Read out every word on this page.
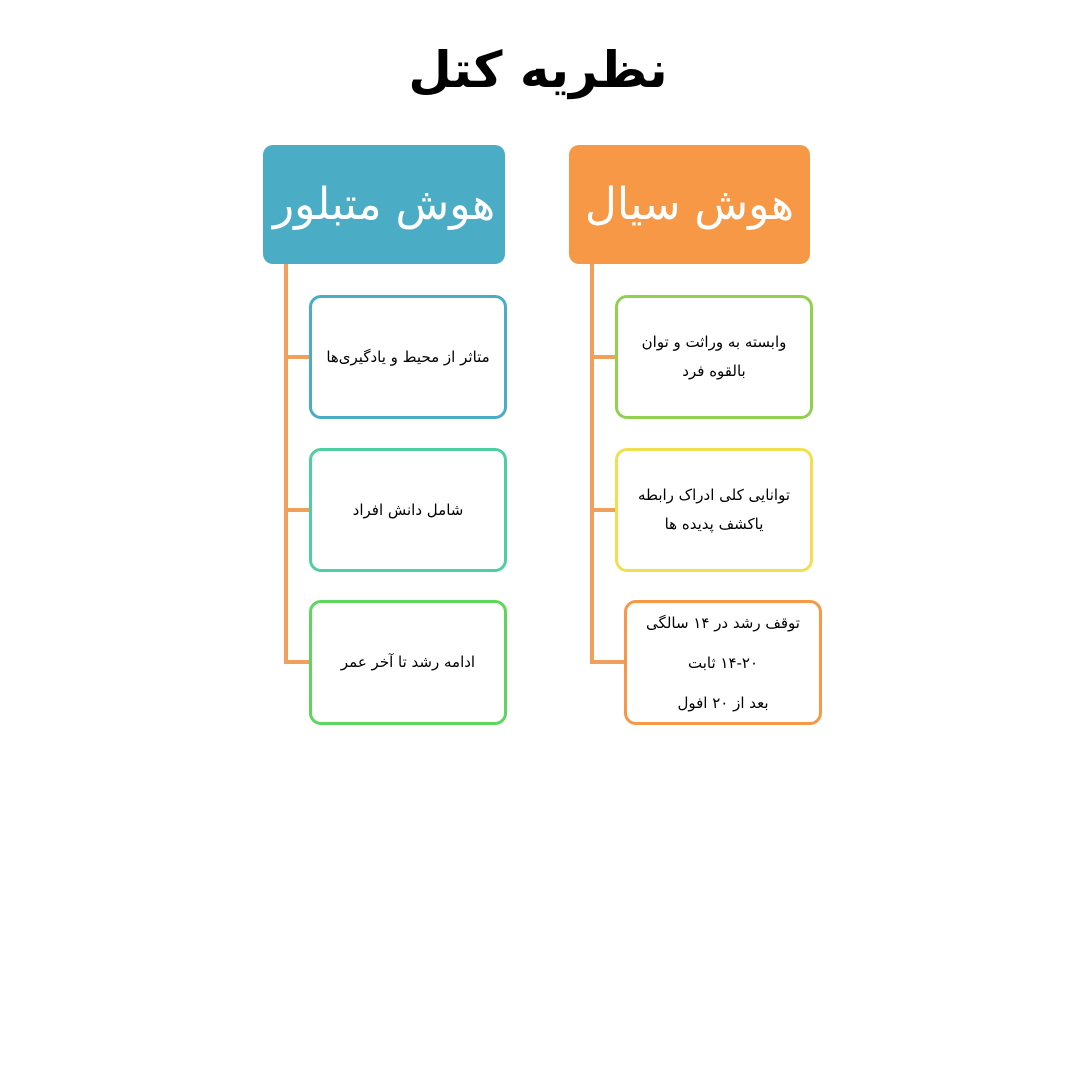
نظریه کتل
هوش سیال
وابسته به وراثت و توان
بالقوه فرد
توانایی کلی ادراک رابطه
یاکشف پدیده ها
توقف رشد در ۱۴ سالگی
۱۴-۲۰ ثابت
بعد از ۲۰ افول
هوش متبلور
متاثر از محیط و یادگیری‌ها
شامل دانش افراد
ادامه رشد تا آخر عمر
